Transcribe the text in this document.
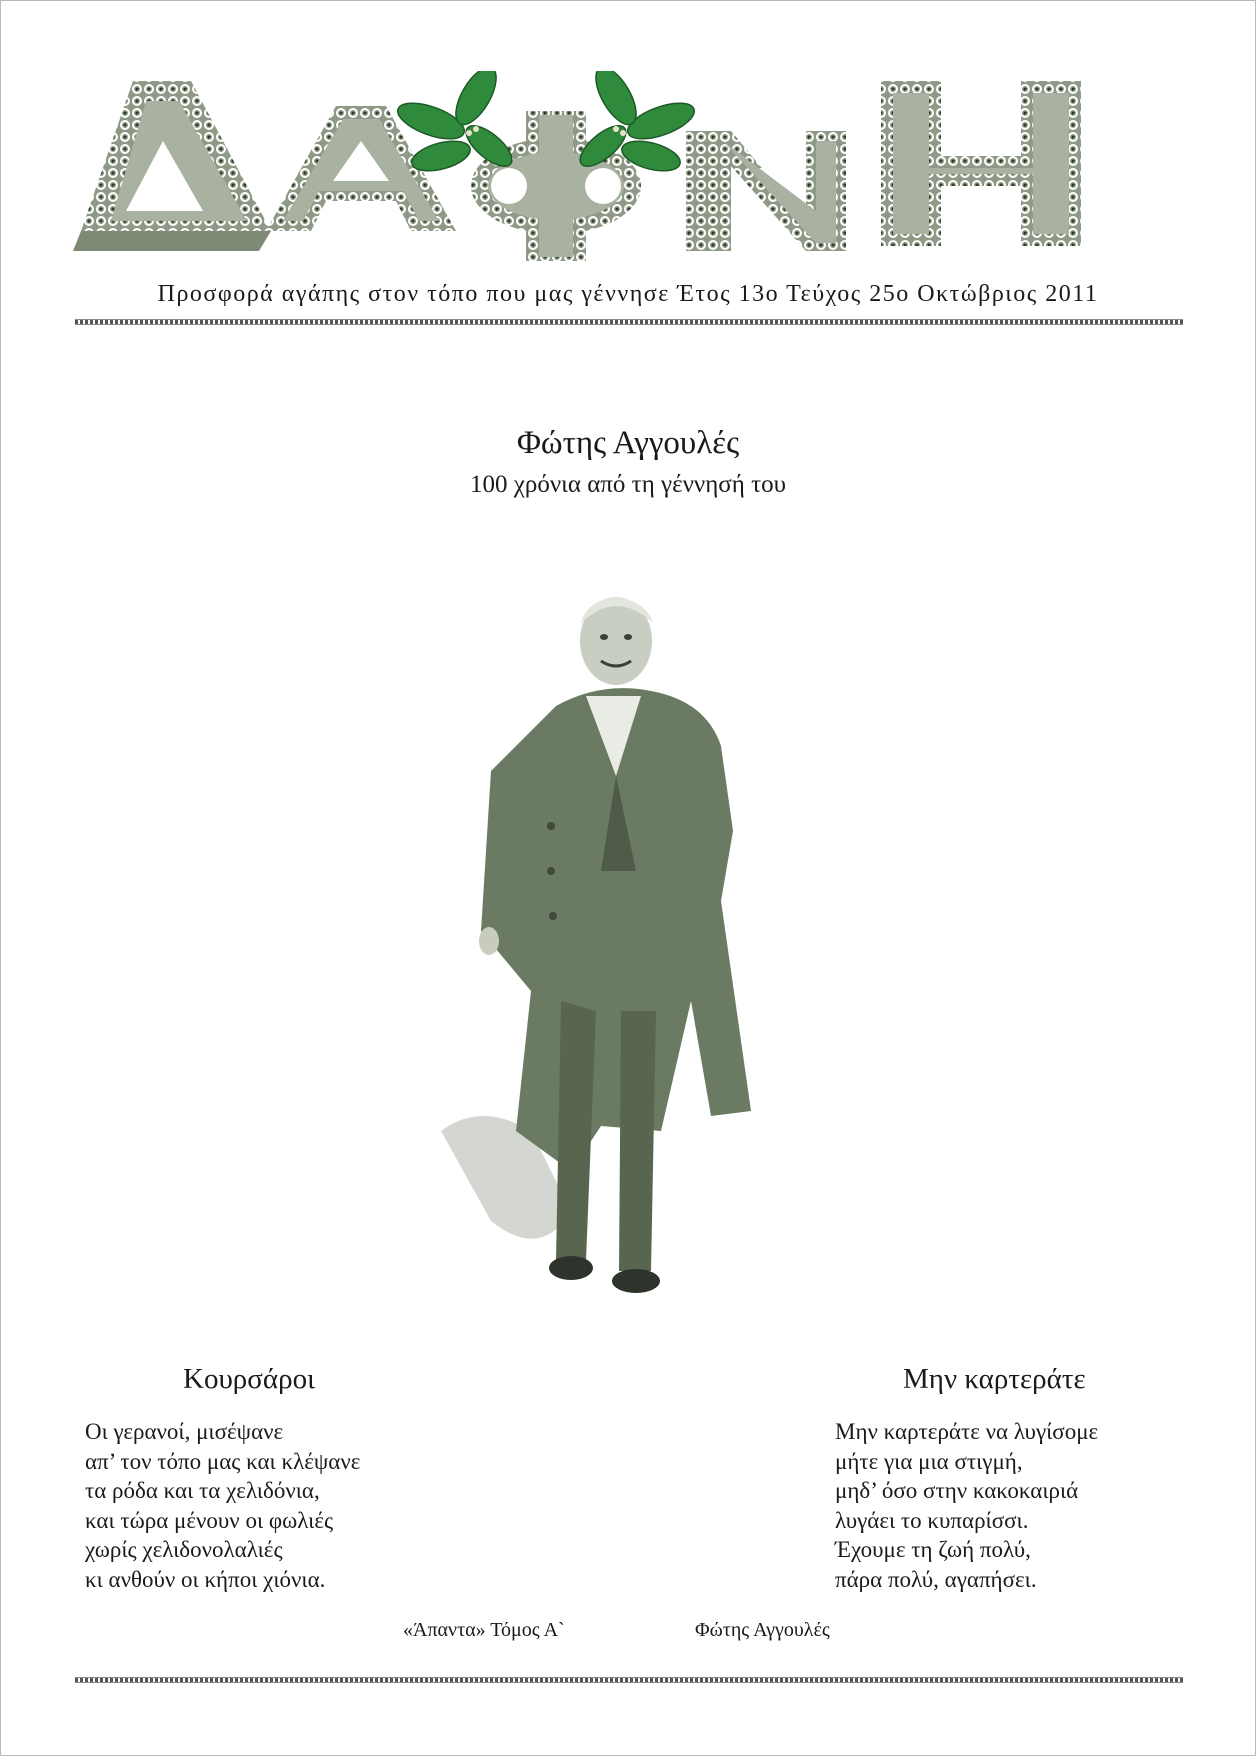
Προσφορά αγάπης στον τόπο που μας γέννησε Έτος 13ο Τεύχος 25ο Οκτώβριος 2011
Φώτης Αγγουλές
100 χρόνια από τη γέννησή του
Κουρσάροι
Οι γερανοί, μισέψανε
απ’ τον τόπο μας και κλέψανε
τα ρόδα και τα χελιδόνια,
και τώρα μένουν οι φωλιές
χωρίς χελιδονολαλιές
κι ανθούν οι κήποι χιόνια.
Μην καρτεράτε
Μην καρτεράτε να λυγίσομε
μήτε για μια στιγμή,
μηδ’ όσο στην κακοκαιριά
λυγάει το κυπαρίσσι.
Έχουμε τη ζωή πολύ,
πάρα πολύ, αγαπήσει.
«Άπαντα» Τόμος Α`	Φώτης Αγγουλές
